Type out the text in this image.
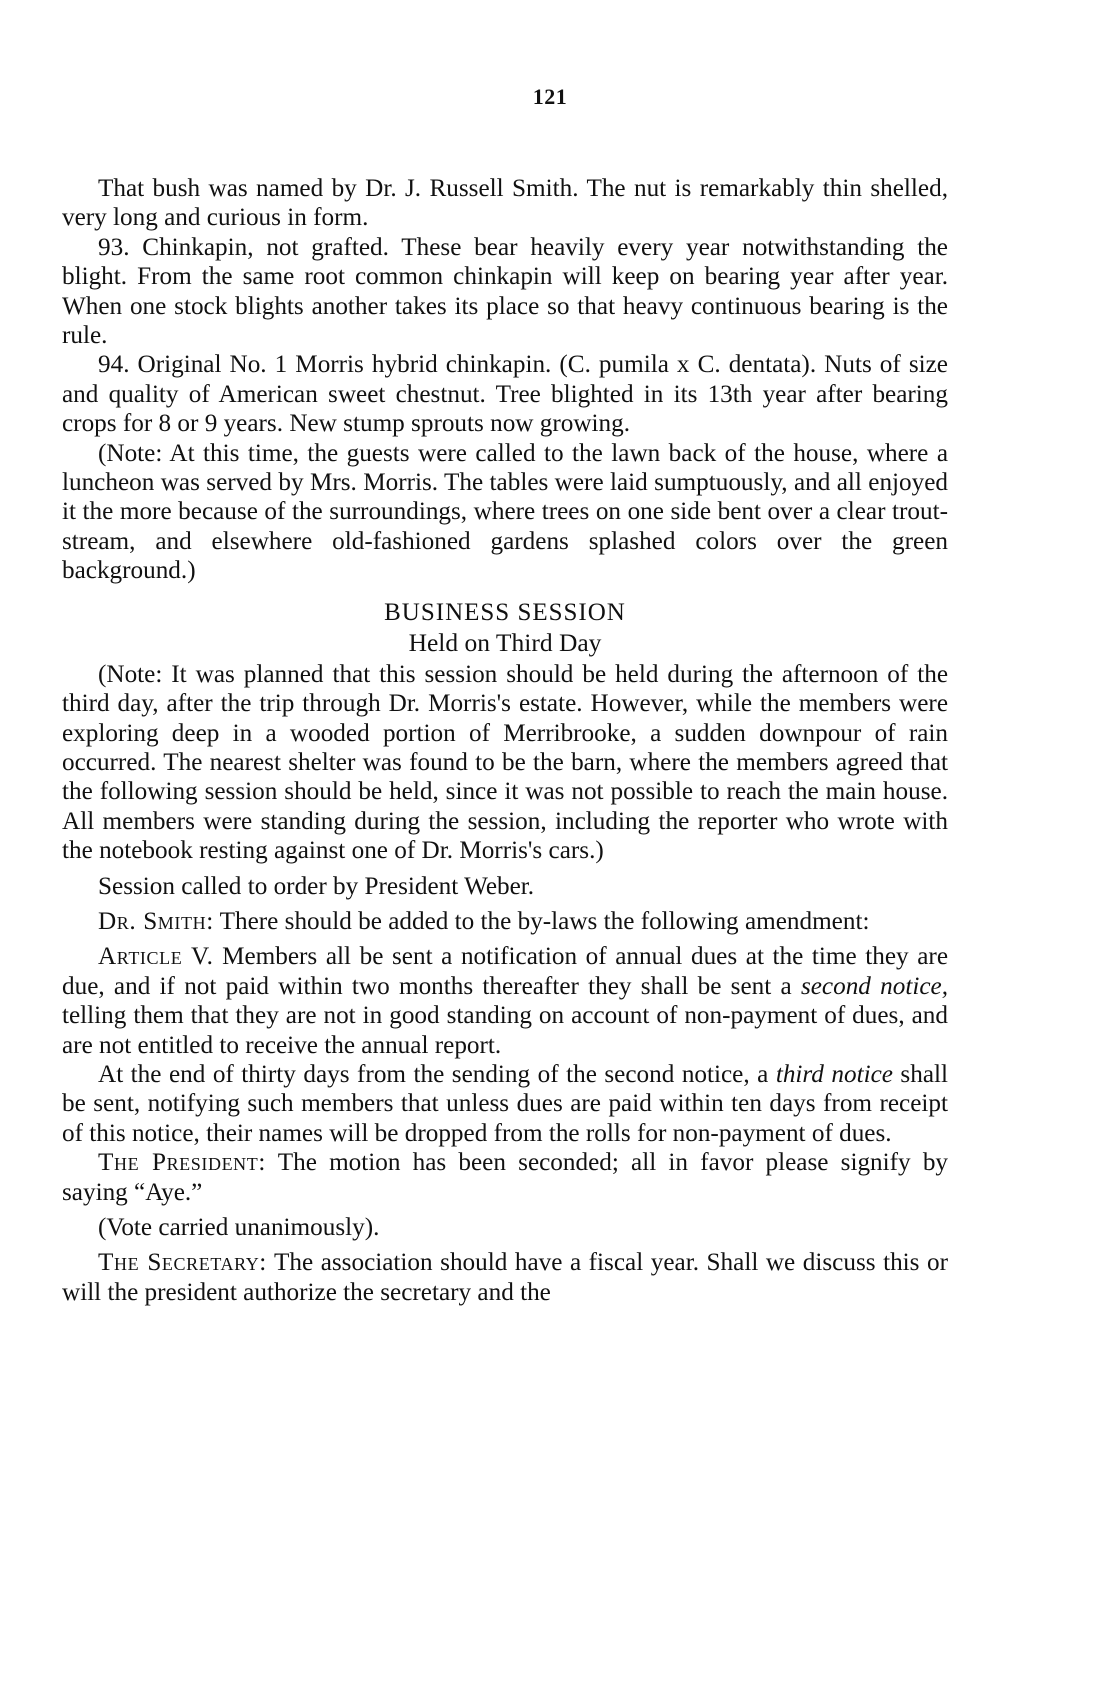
121

That bush was named by Dr. J. Russell Smith. The nut is remarkably thin shelled, very long and curious in form.

93. Chinkapin, not grafted. These bear heavily every year notwithstanding the blight. From the same root common chinkapin will keep on bearing year after year. When one stock blights another takes its place so that heavy continuous bearing is the rule.

94. Original No. 1 Morris hybrid chinkapin. (C. pumila x C. dentata). Nuts of size and quality of American sweet chestnut. Tree blighted in its 13th year after bearing crops for 8 or 9 years. New stump sprouts now growing.

(Note: At this time, the guests were called to the lawn back of the house, where a luncheon was served by Mrs. Morris. The tables were laid sumptuously, and all enjoyed it the more because of the surroundings, where trees on one side bent over a clear trout-stream, and elsewhere old-fashioned gardens splashed colors over the green background.)

BUSINESS SESSION

Held on Third Day

(Note: It was planned that this session should be held during the afternoon of the third day, after the trip through Dr. Morris's estate. However, while the members were exploring deep in a wooded portion of Merribrooke, a sudden downpour of rain occurred. The nearest shelter was found to be the barn, where the members agreed that the following session should be held, since it was not possible to reach the main house. All members were standing during the session, including the reporter who wrote with the notebook resting against one of Dr. Morris's cars.)

Session called to order by President Weber.

Dr. Smith: There should be added to the by-laws the following amendment:

Article V. Members all be sent a notification of annual dues at the time they are due, and if not paid within two months thereafter they shall be sent a second notice, telling them that they are not in good standing on account of non-payment of dues, and are not entitled to receive the annual report.

At the end of thirty days from the sending of the second notice, a third notice shall be sent, notifying such members that unless dues are paid within ten days from receipt of this notice, their names will be dropped from the rolls for non-payment of dues.

The President: The motion has been seconded; all in favor please signify by saying “Aye.”

(Vote carried unanimously).

The Secretary: The association should have a fiscal year. Shall we discuss this or will the president authorize the secretary and the
